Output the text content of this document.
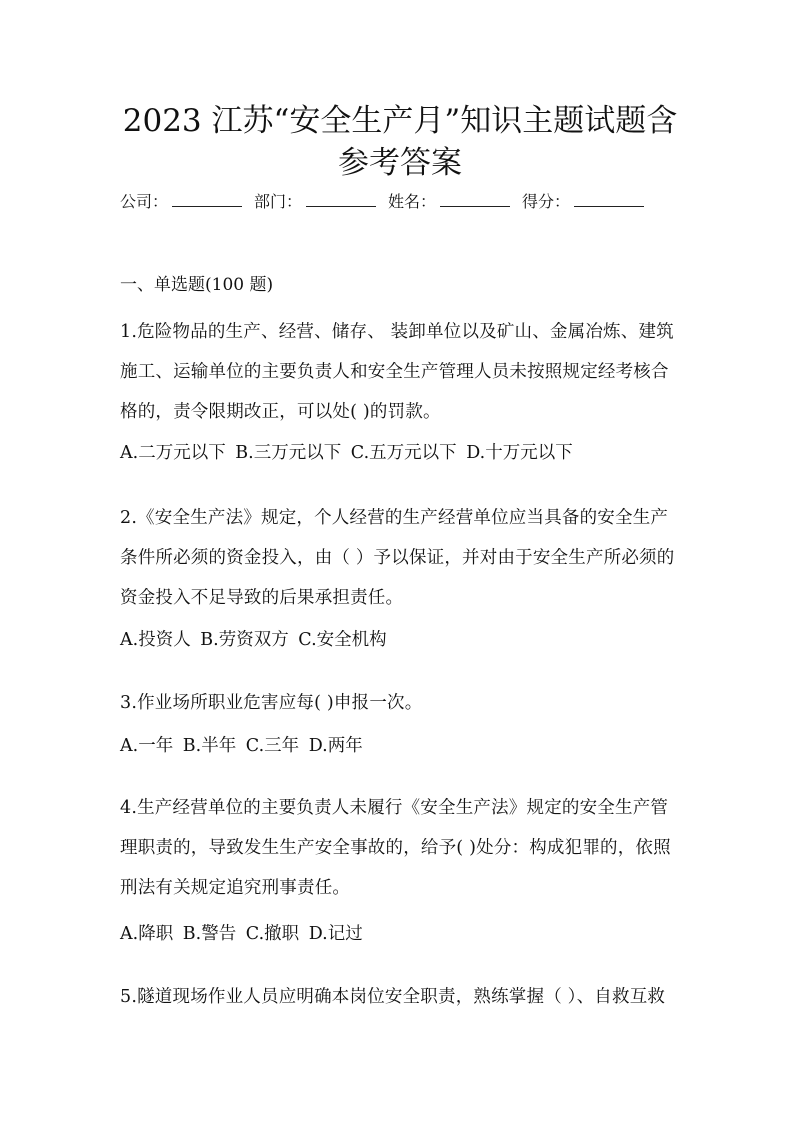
2023 江苏“安全生产月”知识主题试题含
参考答案
公司：	部门：	姓名：	得分：
一、单选题(100 题)

1.危险物品的生产、经营、储存、 装卸单位以及矿山、金属冶炼、建筑施工、运输单位的主要负责人和安全生产管理人员未按照规定经考核合格的，责令限期改正，可以处( )的罚款。

A.二万元以下 B.三万元以下 C.五万元以下 D.十万元以下

2.《安全生产法》规定，个人经营的生产经营单位应当具备的安全生产条件所必须的资金投入，由（ ）予以保证，并对由于安全生产所必须的资金投入不足导致的后果承担责任。

A.投资人 B.劳资双方 C.安全机构

3.作业场所职业危害应每( )申报一次。

A.一年 B.半年 C.三年 D.两年

4.生产经营单位的主要负责人未履行《安全生产法》规定的安全生产管理职责的，导致发生生产安全事故的，给予( )处分：构成犯罪的，依照刑法有关规定追究刑事责任。

A.降职 B.警告 C.撤职 D.记过

5.隧道现场作业人员应明确本岗位安全职责，熟练掌握（ ）、自救互救
